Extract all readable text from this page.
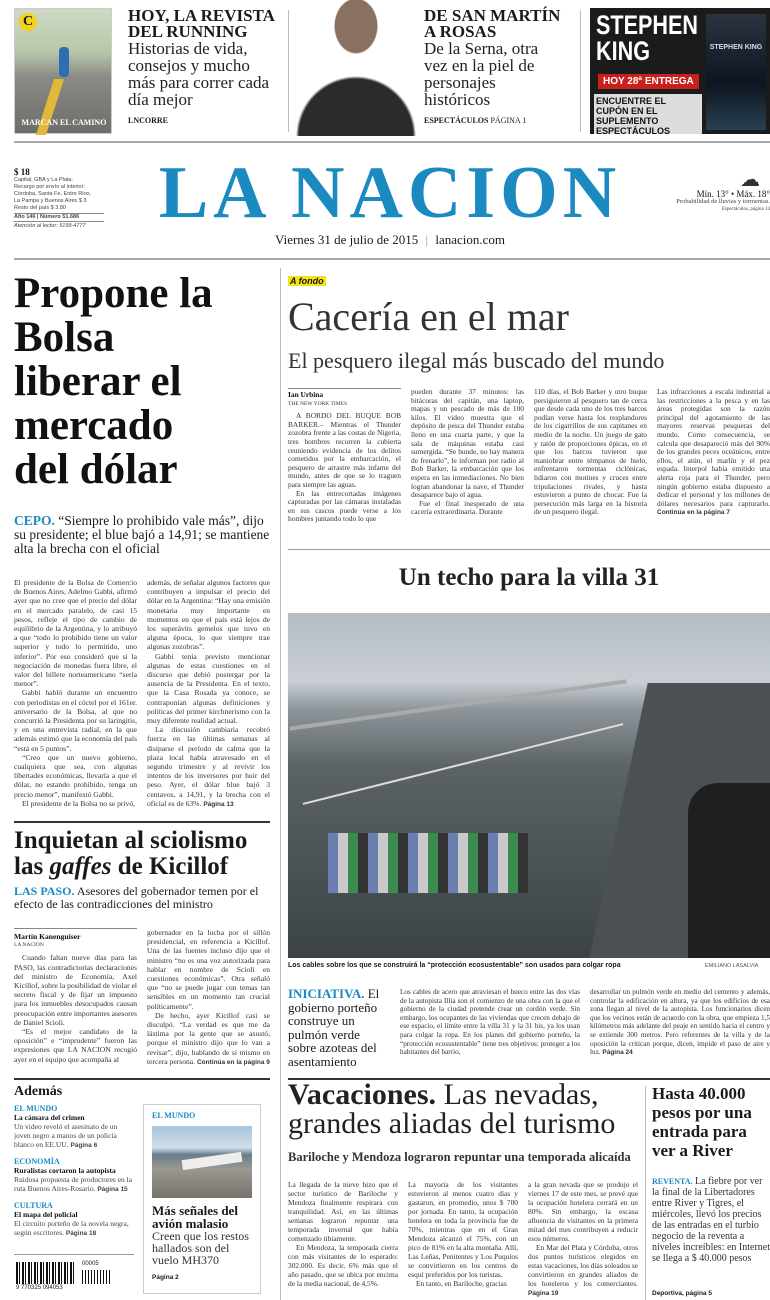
C
MARCAN EL CAMINO
HOY, LA REVISTA DEL RUNNING
Historias de vida, consejos y mucho más para correr cada día mejor
LNCORRE
DE SAN MARTÍN A ROSAS
De la Serna, otra vez en la piel de personajes históricos
ESPECTÁCULOS PÁGINA 1
STEPHEN KING
HOY 28ª ENTREGA
ENCUENTRE EL CUPÓN EN EL SUPLEMENTO ESPECTÁCULOS
STEPHEN KING
$ 18
Capital, GBA y La Plata.
Recargo por envío al interior:
Córdoba, Santa Fe, Entre Ríos,
La Pampa y Buenos Aires $ 3
Resto del país $ 3.80
Año 146 | Número 51.686
Atención al lector: 5199-4777 LA NACION
Viernes 31 de julio de 2015 | lanacion.com
☁
Mín. 13° • Máx. 18°
Probabilidad de lluvias y tormentas.
Espectáculos, página 14
Propone la Bolsa liberar el mercado del dólar
CEPO. “Siempre lo prohibido vale más”, dijo su presidente; el blue bajó a 14,91; se mantiene alta la brecha con el oficial

El presidente de la Bolsa de Comercio de Buenos Aires, Adelmo Gabbi, afirmó ayer que no cree que el precio del dólar en el mercado paralelo, de casi 15 pesos, refleje el tipo de cambio de equilibrio de la Argentina, y lo atribuyó a que “todo lo prohibido tiene un valor superior y todo lo permitido, uno inferior”. Por eso consideró que si la negociación de monedas fuera libre, el valor del billete norteamericano “sería menor”.

Gabbi habló durante un encuentro con periodistas en el cóctel por el 161er. aniversario de la Bolsa, al que no concurrió la Presidenta por su laringitis, y en una entrevista radial, en la que además estimó que la economía del país “está en 5 puntos”.

“Creo que un nuevo gobierno, cualquiera que sea, con algunas libertades económicas, llevaría a que el dólar, no estando prohibido, tenga un precio menor”, manifestó Gabbi.

El presidente de la Bolsa no se privó,

además, de señalar algunos factores que contribuyen a impulsar el precio del dólar en la Argentina: “Hay una emisión monetaria muy importante en momentos en que el país está lejos de los superávits gemelos que tuvo en alguna época, lo que siempre trae algunas zozobras”.

Gabbi tenía previsto mencionar algunas de estas cuestiones en el discurso que debió postergar por la ausencia de la Presidenta. En el texto, que la Casa Rosada ya conoce, se contraponían algunas definiciones y políticas del primer kirchnerismo con la muy diferente realidad actual.

La discusión cambiaria recobró fuerza en las últimas semanas al disiparse el período de calma que la plaza local había atravesado en el segundo trimestre y al revivir los intentos de los inversores por huir del peso. Ayer, el dólar blue bajó 3 centavos, a 14,91, y la brecha con el oficial es de 63%. Página 13

Inquietan al sciolismo las gaffes de Kicillof
LAS PASO. Asesores del gobernador temen por el efecto de las contradicciones del ministro
Martín Kanenguiser
LA NACION

Cuando faltan nueve días para las PASO, las contradictorias declaraciones del ministro de Economía, Axel Kicillof, sobre la posibilidad de violar el secreto fiscal y de fijar un impuesto para los inmuebles desocupados causan preocupación entre importantes asesores de Daniel Scioli.

“Es el mejor candidato de la oposición” e “imprudente” fueron las expresiones que LA NACION recogió ayer en el equipo que acompaña al

gobernador en la lucha por el sillón presidencial, en referencia a Kicillof. Una de las fuentes incluso dijo que el ministro “no es una voz autorizada para hablar en nombre de Scioli en cuestiones económicas”. Otra señaló que “no se puede jugar con temas tan sensibles en un momento tan crucial políticamente”.

De hecho, ayer Kicillof casi se disculpó. “La verdad es que me da lástima por la gente que se asustó, porque el ministro dijo que lo van a revisar”, dijo, hablando de sí mismo en tercera persona. Continúa en la página 9

Además
EL MUNDO
La cámara del crimen
Un video reveló el asesinato de un joven negro a manos de un policía blanco en EE.UU. Página 6
ECONOMÍA
Ruralistas cortaron la autopista
Ruidosa propuesta de productores en la ruta Buenos Aires-Rosario. Página 15
CULTURA
El mapa del policial
El circuito porteño de la novela negra, según escritores. Página 18
00005
9 770325 094053
EL MUNDO
Más señales del avión malasio
Creen que los restos hallados son del vuelo MH370
Página 2
A fondo
Cacería en el mar
El pesquero ilegal más buscado del mundo
Ian Urbina
THE NEW YORK TIMES

A BORDO DEL BUQUE BOB BARKER.– Mientras el Thunder zozobra frente a las costas de Nigeria, tres hombres recorren la cubierta reuniendo evidencia de los delitos cometidos por la embarcación, el pesquero de arrastre más infame del mundo, antes de que se lo traguen para siempre las aguas.

En las entrecortadas imágenes capturadas por las cámaras instaladas en sus cascos puede verse a los hombres juntando todo lo que

pueden durante 37 minutos: las bitácoras del capitán, una laptop, mapas y un pescado de más de 100 kilos. El video muestra que el depósito de pesca del Thunder estaba lleno en una cuarta parte, y que la sala de máquinas estaba casi sumergida. “Se hunde, no hay manera de frenarlo”, le informan por radio al Bob Barker, la embarcación que los espera en las inmediaciones. No bien logran abandonar la nave, el Thunder desaparece bajo el agua.

Fue el final inesperado de una cacería extraordinaria. Durante

110 días, el Bob Barker y otro buque persiguieron al pesquero tan de cerca que desde cada uno de los tres barcos podían verse hasta los resplandores de los cigarrillos de sus capitanes en medio de la noche. Un juego de gato y ratón de proporciones épicas, en el que los barcos tuvieron que maniobrar entre témpanos de hielo, enfrentaron tormentas ciclónicas, lidiaron con motines y cruces entre tripulaciones rivales, y hasta estuvieron a punto de chocar. Fue la persecución más larga en la historia de un pesquero ilegal.

Las infracciones a escala industrial a las restricciones a la pesca y en las áreas protegidas son la razón principal del agotamiento de las mayores reservas pesqueras del mundo. Como consecuencia, se calcula que desapareció más del 90% de los grandes peces oceánicos, entre ellos, el atún, el marlín y el pez espada. Interpol había emitido una alerta roja para el Thunder, pero ningún gobierno estaba dispuesto a dedicar el personal y los millones de dólares necesarios para capturarlo. Continúa en la página 7

Un techo para la villa 31
Los cables sobre los que se construirá la “protección ecosustentable” son usados para colgar ropa	EMILIANO LASALVIA
INICIATIVA. El gobierno porteño construye un pulmón verde sobre azoteas del asentamiento
Los cables de acero que atraviesan el hueco entre las dos vías de la autopista Illia son el comienzo de una obra con la que el gobierno de la ciudad pretende crear un cordón verde. Sin embargo, los ocupantes de las viviendas que crecen debajo de ese espacio, el límite entre la villa 31 y la 31 bis, ya los usan para colgar la ropa. En los planes del gobierno porteño, la “protección ecosustentable” tiene tres objetivos: proteger a los habitantes del barrio,
desarrollar un pulmón verde en medio del cemento y además, controlar la edificación en altura, ya que los edificios de esa zona llegan al nivel de la autopista. Los funcionarios dicen que los vecinos están de acuerdo con la obra, que empieza 1,5 kilómetros más adelante del peaje en sentido hacia el centro y se extiende 300 metros. Pero referentes de la villa y de la oposición la critican porque, dicen, impide el paso de aire y luz. Página 24
Vacaciones. Las nevadas, grandes aliadas del turismo
Bariloche y Mendoza lograron repuntar una temporada alicaída

La llegada de la nieve hizo que el sector turístico de Bariloche y Mendoza finalmente respirara con tranquilidad. Así, en las últimas semanas lograron repuntar una temporada invernal que había comenzado tibiamente.

En Mendoza, la temporada cierra con más visitantes de lo esperado: 302.000. Es decir, 6% más que el año pasado, que se ubica por encima de la media nacional, de 4,5%.

La mayoría de los visitantes estuvieron al menos cuatro días y gastaron, en promedio, unos $ 700 por jornada. En tanto, la ocupación hotelera en toda la provincia fue de 70%, mientras que en el Gran Mendoza alcanzó el 75%, con un pico de 81% en la alta montaña. Allí, Las Leñas, Penitentes y Los Puquios se convirtieron en los centros de esquí preferidos por los turistas.

En tanto, en Bariloche, gracias

a la gran nevada que se produjo el viernes 17 de este mes, se prevé que la ocupación hotelera cerrará en un 80%. Sin embargo, la escasa afluencia de visitantes en la primera mitad del mes contribuyen a reducir esos números.

En Mar del Plata y Córdoba, otros dos puntos turísticos elegidos en estas vacaciones, los días soleados se convirtieron en grandes aliados de los hoteleros y los comerciantes. Página 19

Hasta 40.000 pesos por una entrada para ver a River
REVENTA. La fiebre por ver la final de la Libertadores entre River y Tigres, el miércoles, llevó los precios de las entradas en el turbio negocio de la reventa a niveles increíbles: en Internet se llega a $ 40.000 pesos
Deportiva, página 5
